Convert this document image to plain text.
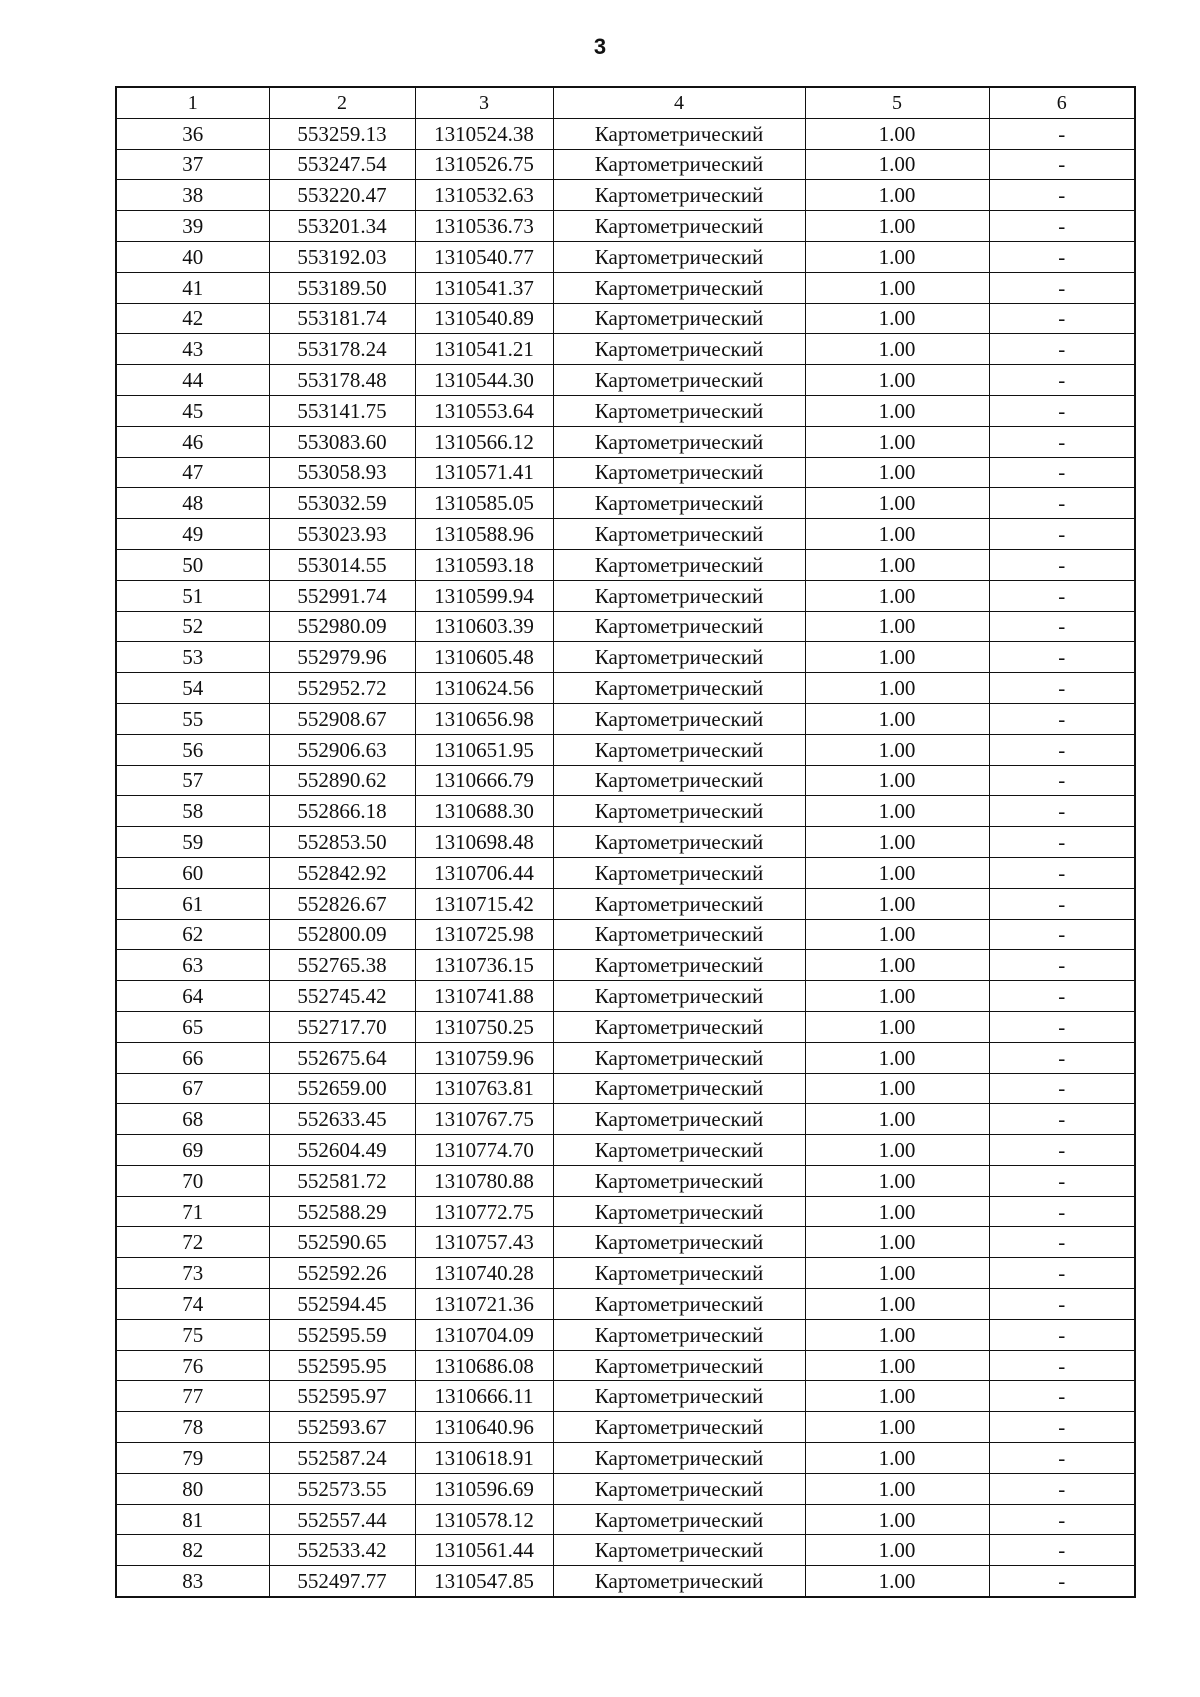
3
1	2	3	4	5	6
36	553259.13	1310524.38	Картометрический	1.00	-
37	553247.54	1310526.75	Картометрический	1.00	-
38	553220.47	1310532.63	Картометрический	1.00	-
39	553201.34	1310536.73	Картометрический	1.00	-
40	553192.03	1310540.77	Картометрический	1.00	-
41	553189.50	1310541.37	Картометрический	1.00	-
42	553181.74	1310540.89	Картометрический	1.00	-
43	553178.24	1310541.21	Картометрический	1.00	-
44	553178.48	1310544.30	Картометрический	1.00	-
45	553141.75	1310553.64	Картометрический	1.00	-
46	553083.60	1310566.12	Картометрический	1.00	-
47	553058.93	1310571.41	Картометрический	1.00	-
48	553032.59	1310585.05	Картометрический	1.00	-
49	553023.93	1310588.96	Картометрический	1.00	-
50	553014.55	1310593.18	Картометрический	1.00	-
51	552991.74	1310599.94	Картометрический	1.00	-
52	552980.09	1310603.39	Картометрический	1.00	-
53	552979.96	1310605.48	Картометрический	1.00	-
54	552952.72	1310624.56	Картометрический	1.00	-
55	552908.67	1310656.98	Картометрический	1.00	-
56	552906.63	1310651.95	Картометрический	1.00	-
57	552890.62	1310666.79	Картометрический	1.00	-
58	552866.18	1310688.30	Картометрический	1.00	-
59	552853.50	1310698.48	Картометрический	1.00	-
60	552842.92	1310706.44	Картометрический	1.00	-
61	552826.67	1310715.42	Картометрический	1.00	-
62	552800.09	1310725.98	Картометрический	1.00	-
63	552765.38	1310736.15	Картометрический	1.00	-
64	552745.42	1310741.88	Картометрический	1.00	-
65	552717.70	1310750.25	Картометрический	1.00	-
66	552675.64	1310759.96	Картометрический	1.00	-
67	552659.00	1310763.81	Картометрический	1.00	-
68	552633.45	1310767.75	Картометрический	1.00	-
69	552604.49	1310774.70	Картометрический	1.00	-
70	552581.72	1310780.88	Картометрический	1.00	-
71	552588.29	1310772.75	Картометрический	1.00	-
72	552590.65	1310757.43	Картометрический	1.00	-
73	552592.26	1310740.28	Картометрический	1.00	-
74	552594.45	1310721.36	Картометрический	1.00	-
75	552595.59	1310704.09	Картометрический	1.00	-
76	552595.95	1310686.08	Картометрический	1.00	-
77	552595.97	1310666.11	Картометрический	1.00	-
78	552593.67	1310640.96	Картометрический	1.00	-
79	552587.24	1310618.91	Картометрический	1.00	-
80	552573.55	1310596.69	Картометрический	1.00	-
81	552557.44	1310578.12	Картометрический	1.00	-
82	552533.42	1310561.44	Картометрический	1.00	-
83	552497.77	1310547.85	Картометрический	1.00	-
